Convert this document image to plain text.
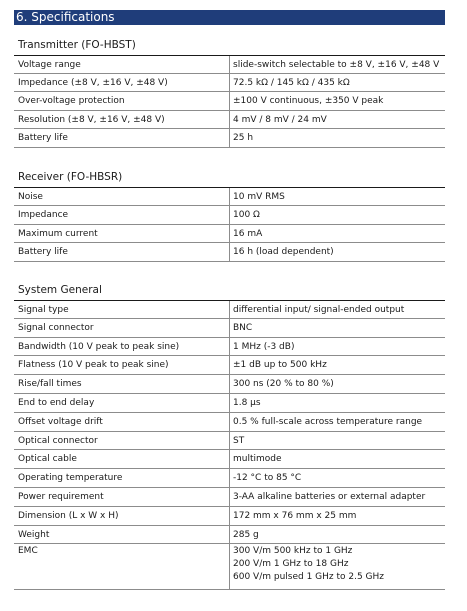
6. Specifications
Transmitter (FO-HBST)
Voltage range	slide-switch selectable to ±8 V, ±16 V, ±48 V
Impedance (±8 V, ±16 V, ±48 V)	72.5 kΩ / 145 kΩ / 435 kΩ
Over-voltage protection	±100 V continuous, ±350 V peak
Resolution (±8 V, ±16 V, ±48 V)	4 mV / 8 mV / 24 mV
Battery life	25 h
Receiver (FO-HBSR)
Noise	10 mV RMS
Impedance	100 Ω
Maximum current	16 mA
Battery life	16 h (load dependent)
System General
Signal type	differential input/ signal-ended output
Signal connector	BNC
Bandwidth (10 V peak to peak sine)	1 MHz (-3 dB)
Flatness (10 V peak to peak sine)	±1 dB up to 500 kHz
Rise/fall times	300 ns (20 % to 80 %)
End to end delay	1.8 µs
Offset voltage drift	0.5 % full-scale across temperature range
Optical connector	ST
Optical cable	multimode
Operating temperature	-12 °C to 85 °C
Power requirement	3-AA alkaline batteries or external adapter
Dimension (L x W x H)	172 mm x 76 mm x 25 mm
Weight	285 g
EMC	300 V/m 500 kHz to 1 GHz
200 V/m 1 GHz to 18 GHz
600 V/m pulsed 1 GHz to 2.5 GHz
